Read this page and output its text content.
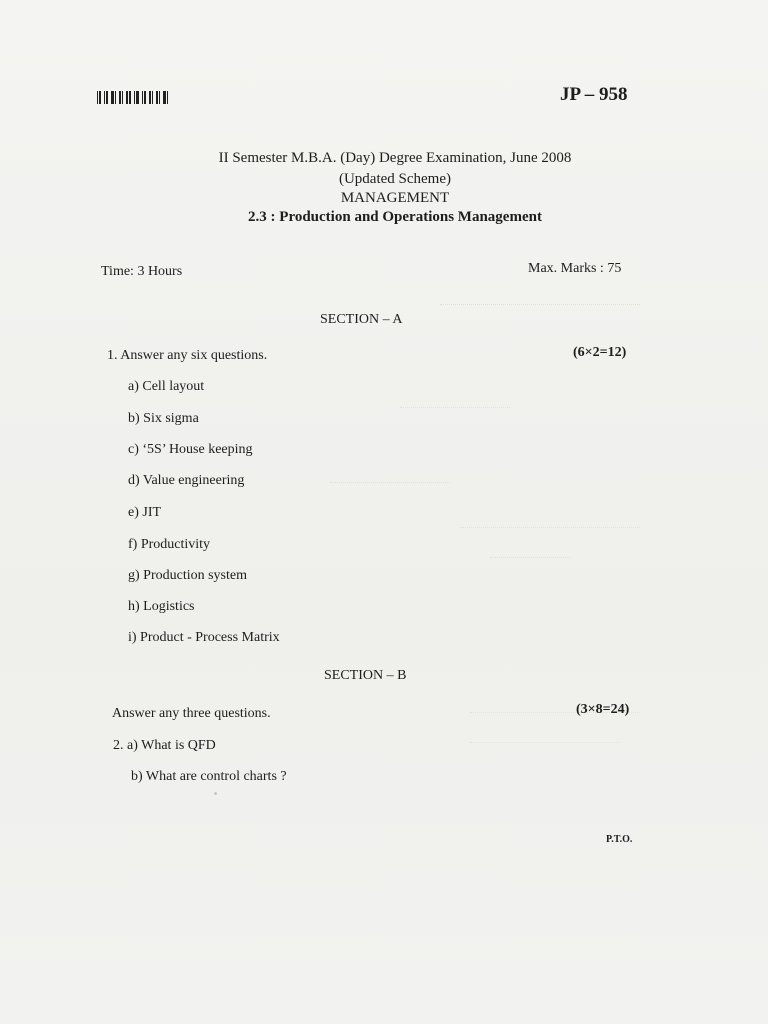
JP – 958
II Semester M.B.A. (Day) Degree Examination, June 2008
(Updated Scheme)
MANAGEMENT
2.3 : Production and Operations Management
Time: 3 Hours	Max. Marks : 75
SECTION – A
1. Answer any six questions.	(6×2=12)
a) Cell layout
b) Six sigma
c) ‘5S’ House keeping
d) Value engineering
e) JIT
f) Productivity
g) Production system
h) Logistics
i) Product - Process Matrix
SECTION – B
Answer any three questions.	(3×8=24)
2. a) What is QFD
b) What are control charts ?
P.T.O.
